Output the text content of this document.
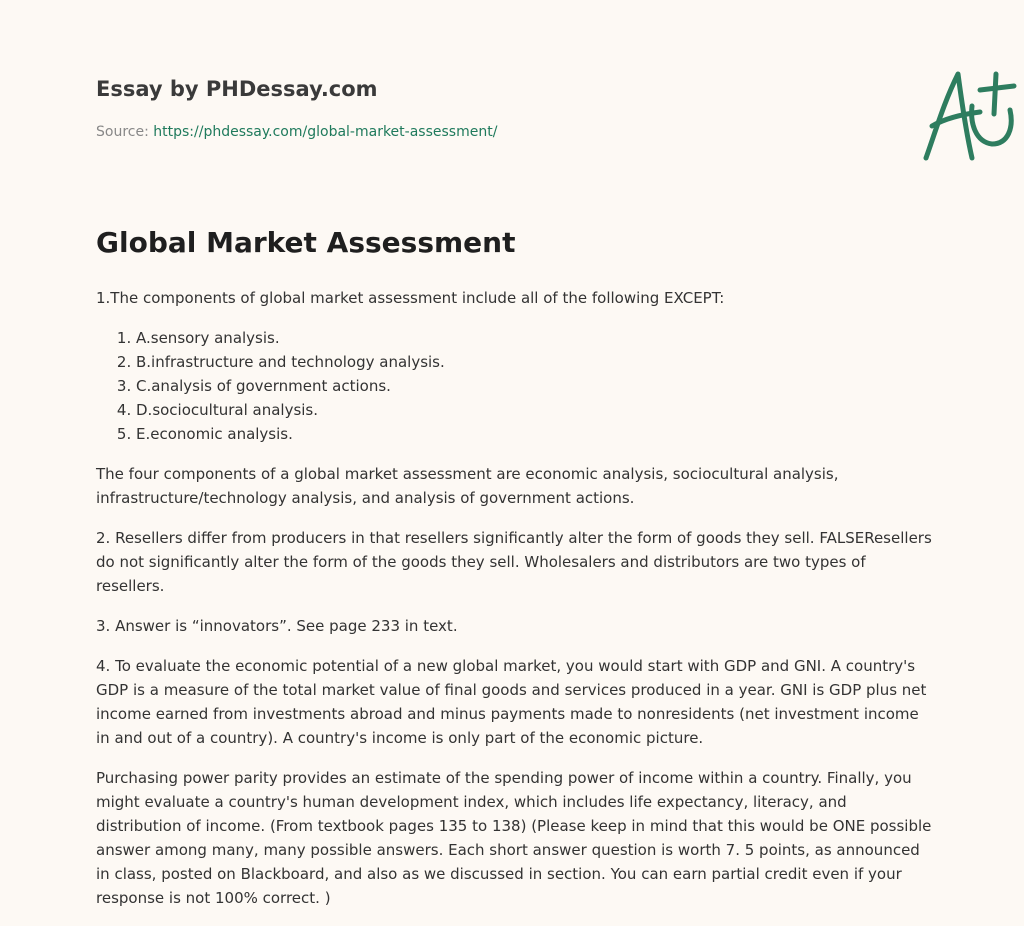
Essay by PHDessay.com
Source: https://phdessay.com/global-market-assessment/
Global Market Assessment

1.The components of global market assessment include all of the following EXCEPT:

1. A.sensory analysis.
2. B.infrastructure and technology analysis.
3. C.analysis of government actions.
4. D.sociocultural analysis.
5. E.economic analysis.

The four components of a global market assessment are economic analysis, sociocultural analysis, infrastructure/technology analysis, and analysis of government actions.

2. Resellers differ from producers in that resellers significantly alter the form of goods they sell. FALSEResellers do not significantly alter the form of the goods they sell. Wholesalers and distributors are two types of resellers.

3. Answer is “innovators”. See page 233 in text.

4. To evaluate the economic potential of a new global market, you would start with GDP and GNI. A country's GDP is a measure of the total market value of final goods and services produced in a year. GNI is GDP plus net income earned from investments abroad and minus payments made to nonresidents (net investment income in and out of a country). A country's income is only part of the economic picture.

Purchasing power parity provides an estimate of the spending power of income within a country. Finally, you might evaluate a country's human development index, which includes life expectancy, literacy, and distribution of income. (From textbook pages 135 to 138) (Please keep in mind that this would be ONE possible answer among many, many possible answers. Each short answer question is worth 7. 5 points, as announced in class, posted on Blackboard, and also as we discussed in section. You can earn partial credit even if your response is not 100% correct. )
